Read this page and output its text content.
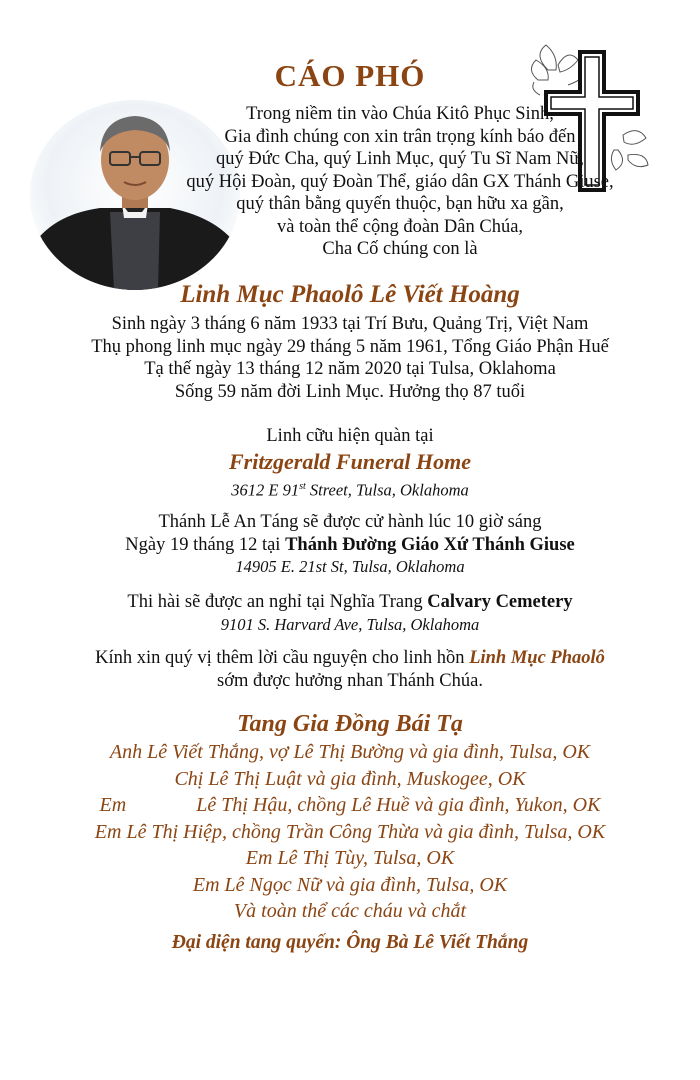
CÁO PHÓ
Trong niềm tin vào Chúa Kitô Phục Sinh,
Gia đình chúng con xin trân trọng kính báo đến
quý Đức Cha, quý Linh Mục, quý Tu Sĩ Nam Nữ,
quý Hội Đoàn, quý Đoàn Thể, giáo dân GX Thánh Giuse,
quý thân bằng quyến thuộc, bạn hữu xa gần,
và toàn thể cộng đoàn Dân Chúa,
Cha Cố chúng con là
Linh Mục Phaolô Lê Viết Hoàng
Sinh ngày 3 tháng 6 năm 1933 tại Trí Bưu, Quảng Trị, Việt Nam
Thụ phong linh mục ngày 29 tháng 5 năm 1961, Tổng Giáo Phận Huế
Tạ thế ngày 13 tháng 12 năm 2020 tại Tulsa, Oklahoma
Sống 59 năm đời Linh Mục. Hưởng thọ 87 tuổi
Linh cữu hiện quàn tại
Fritzgerald Funeral Home
3612 E 91st Street, Tulsa, Oklahoma
Thánh Lễ An Táng sẽ được cử hành lúc 10 giờ sáng
Ngày 19 tháng 12 tại Thánh Đường Giáo Xứ Thánh Giuse
14905 E. 21st St, Tulsa, Oklahoma
Thi hài sẽ được an nghỉ tại Nghĩa Trang Calvary Cemetery
9101 S. Harvard Ave, Tulsa, Oklahoma
Kính xin quý vị thêm lời cầu nguyện cho linh hồn Linh Mục Phaolô
sớm được hưởng nhan Thánh Chúa.
Tang Gia Đồng Bái Tạ
Anh Lê Viết Thắng, vợ Lê Thị Bường và gia đình, Tulsa, OK
Chị Lê Thị Luật và gia đình, Muskogee, OK
Em              Lê Thị Hậu, chồng Lê Huề và gia đình, Yukon, OK
Em Lê Thị Hiệp, chồng Trần Công Thừa và gia đình, Tulsa, OK
Em Lê Thị Tùy, Tulsa, OK
Em Lê Ngọc Nữ và gia đình, Tulsa, OK
Và toàn thể các cháu và chắt
Đại diện tang quyến: Ông Bà Lê Viết Thắng
